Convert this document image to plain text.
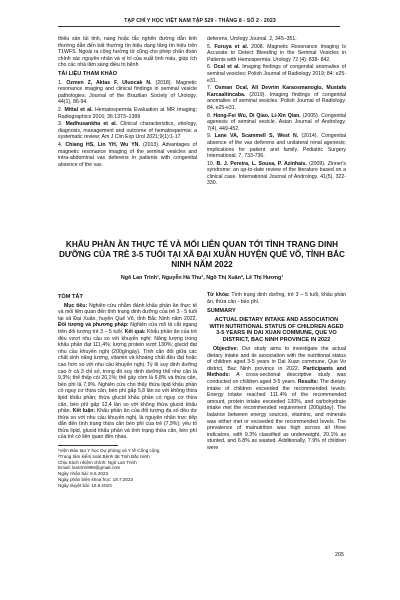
TẠP CHÍ Y HỌC VIỆT NAM TẬP 529 - THÁNG 8 - SỐ 2 - 2023

thiếu sản tủi tinh, nang hoặc tắc nghẽn đường dẫn tinh thường dẫn đến bất thường tín hiệu dạng tăng tín hiệu trên T1WFS. Ngoài ra cộng hưởng từ cũng cho phép chẩn đoán chính xác nguyên nhân và vị trí của xuất tinh máu, giúp ích cho các nhà lâm sàng điều trị bệnh

TÀI LIỆU THAM KHẢO

1. Ozmen Z, Aktas F, Uluocak N. (2018). Magnetic resonance imaging and clinical findings in seminal vesicle pathologies. Journal of the Brazilian Society of Urology. 44(1), 86-94.

2. Mittal et al. Hematospermia Evaluation at MR Imaging; Radiographics 2016; 36:1373–1389

3. Madhusankha et al. Clinical characteristics, etiology, diagnosis, management and outcome of hematospermia: a systematic review; Am J Clin Exp Urol 2021;9(1):1-17

4. Chiang HS, Lin YH, Wu YN. (2013). Advantages of magnetic resonance imaging of the seminal vesicles and intra-abdominal vas deferens in patients with congenital absence of the vas

deferens. Urology Journal. 2, 345–351.

5. Furuya et al. 2008. Magnetic Resonance Imaging Is Accurate to Detect Bleeding in the Seminal Vesicles in Patients with Hemospermia; Urology 72 (4): 838- 842.

6. Ocal et al. Imaging findings of congenital anomalies of seminal vesicles; Polish Journal of Radiology 2019; 84: e25-e31.

7. Osman Ocal, Ali Devrim Karaosmanoglu, Mustafa Karcaaltincaba. (2019). Imaging findings of congenital anomalies of seminal vesicles. Polish Journal of Radiology. 84, e25-e31.

8. Hong-Fei Wu, Di Qiao, Li-Xin Qian. (2005). Congenital agenesis of seminal vesicle. Asian Journal of Andrology. 7(4), 449-452.

9. Lane VA, Scammell S, West N. (2014). Congenital absence of the vas deferens and unilateral renal agenesis: implications for patient and family. Pediatric Surgery International. 7, 733-736.

10. B. J. Pereira, L. Sousa, P. Azinhais. (2009). Zinner's syndrome: an up-to-date review of the literature based on a clinical case. International Journal of Andrology. 41(5), 322-330.

KHẨU PHẦN ĂN THỰC TẾ VÀ MỐI LIÊN QUAN TỚI TÌNH TRẠNG DINH DƯỠNG CỦA TRẺ 3-5 TUỔI TẠI XÃ ĐẠI XUÂN HUYỆN QUẾ VÕ, TỈNH BẮC NINH NĂM 2022
Ngô Lan Trinh¹, Nguyễn Hà Thu¹, Ngô Thị Xuân², Lê Thị Hương¹
TÓM TẮT

Mục tiêu: Nghiên cứu nhằm đánh khẩu phần ăn thực tế và mối liên quan đến tình trạng dinh dưỡng của trẻ 3 - 5 tuổi tại xã Đại Xuân, huyện Quế Võ, tỉnh Bắc Ninh năm 2022. Đối tượng và phương pháp: Nghiên cứu mô tả cắt ngang trên đối tượng trẻ 3 – 5 tuổi. Kết quả: Khẩu phần ăn của trẻ đều vượt nhu cầu so với khuyến nghị: Năng lượng trong khẩu phần đạt 111,4%; lượng protein vượt 130%; glucid đạt nhu cầu khuyến nghị (200g/ngày). Tình cân đối giữa các chất sinh năng lượng, vitamin và khoáng chất đều đạt hoặc cao hơn so với nhu cầu khuyến nghị. Tỷ lệ suy dinh dưỡng cao ở cả 3 chỉ số, trong đó suy dinh dưỡng thể nhẹ cân là 9,3%; thể thấp còi 20,1%; thể gầy còm là 6,8% và thừa cân, béo phì là 7,9%. Nghiên cứu cho thấy thừa lipid khẩu phần có nguy cơ thừa cân, béo phì gấp 5,8 lần so với không thừa lipid khẩu phần; thừa glucid khẩu phần có nguy cơ thừa cân, béo phì gấp 12,4 lần so với không thừa glucid khẩu phần. Kết luận: Khẩu phần ăn của đối tượng đa số đều dư thừa so với nhu cầu khuyến nghị, là nguyên nhân trực tiếp dẫn đến tình trạng thừa cân béo phì của trẻ (7,9%); yếu tố thừa lipid, glucid khẩu phần và tình trạng thừa cân, béo phì của trẻ có liên quan đến nhau.

¹Viện Đào tạo Y học Dự phòng và Y tế Công cộng

²Trung tâm kiểm soát Bệnh tật Tỉnh Bắc Ninh

Chịu trách nhiệm chính: Ngô Lan Trinh

Email: lantrinh999@gmail.com

Ngày nhận bài: 6.6.2023

Ngày phản biện khoa học: 19.7.2023

Ngày duyệt bài: 10.8.2023

Từ khóa: Tình trạng dinh dưỡng, trẻ 3 – 5 tuổi, khẩu phần ăn, thừa cân - béo phì.

SUMMARY
ACTUAL DIETARY INTAKE AND ASSOCIATION WITH NUTRITIONAL STATUS OF CHILDREN AGED 3-5 YEARS IN DAI XUAN COMMUNE, QUE VO DISTRICT, BAC NINH PROVINCE IN 2022

Objective: Our study aims to investigate the actual dietary intake and its association with the nutritional status of children aged 3-5 years in Dai Xuan commune, Que Vo district, Bac Ninh province in 2022. Participants and Methods: A cross-sectional descriptive study was conducted on children aged 3-5 years. Results: The dietary intake of children exceeded the recommended levels: Energy intake reached 111.4% of the recommended amount, protein intake exceeded 130%, and carbohydrate intake met the recommended requirement (200g/day). The balance between energy sources, vitamins, and minerals was either met or exceeded the recommended levels. The prevalence of malnutrition was high across all three indicators, with 9.3% classified as underweight, 20.1% as stunted, and 6.8% as wasted. Additionally, 7.9% of children were

205
